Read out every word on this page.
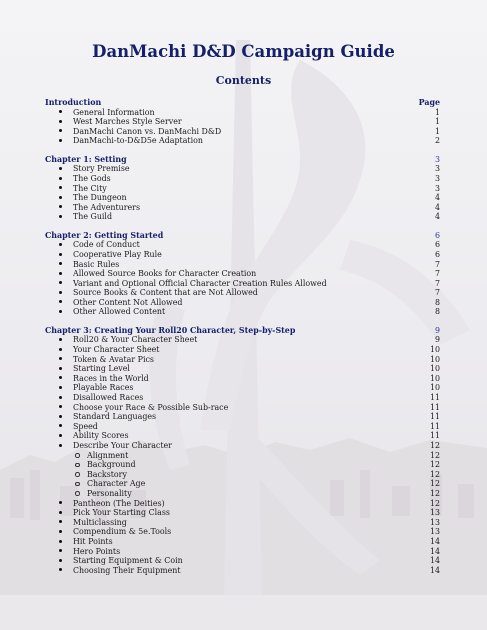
DanMachi D&D Campaign Guide
Contents
Introduction	Page
General Information	1
West Marches Style Server	1
DanMachi Canon vs. DanMachi D&D	1
DanMachi-to-D&D5e Adaptation	2
Chapter 1: Setting	3
Story Premise	3
The Gods	3
The City	3
The Dungeon	4
The Adventurers	4
The Guild	4
Chapter 2: Getting Started	6
Code of Conduct	6
Cooperative Play Rule	6
Basic Rules	7
Allowed Source Books for Character Creation	7
Variant and Optional Official Character Creation Rules Allowed	7
Source Books & Content that are Not Allowed	7
Other Content Not Allowed	8
Other Allowed Content	8
Chapter 3: Creating Your Roll20 Character, Step-by-Step	9
Roll20 & Your Character Sheet	9
Your Character Sheet	10
Token & Avatar Pics	10
Starting Level	10
Races in the World	10
Playable Races	10
Disallowed Races	11
Choose your Race & Possible Sub-race	11
Standard Languages	11
Speed	11
Ability Scores	11
Describe Your Character	12
Alignment	12
Background	12
Backstory	12
Character Age	12
Personality	12
Pantheon (The Deities)	12
Pick Your Starting Class	13
Multiclassing	13
Compendium & 5e.Tools	13
Hit Points	14
Hero Points	14
Starting Equipment & Coin	14
Choosing Their Equipment	14
